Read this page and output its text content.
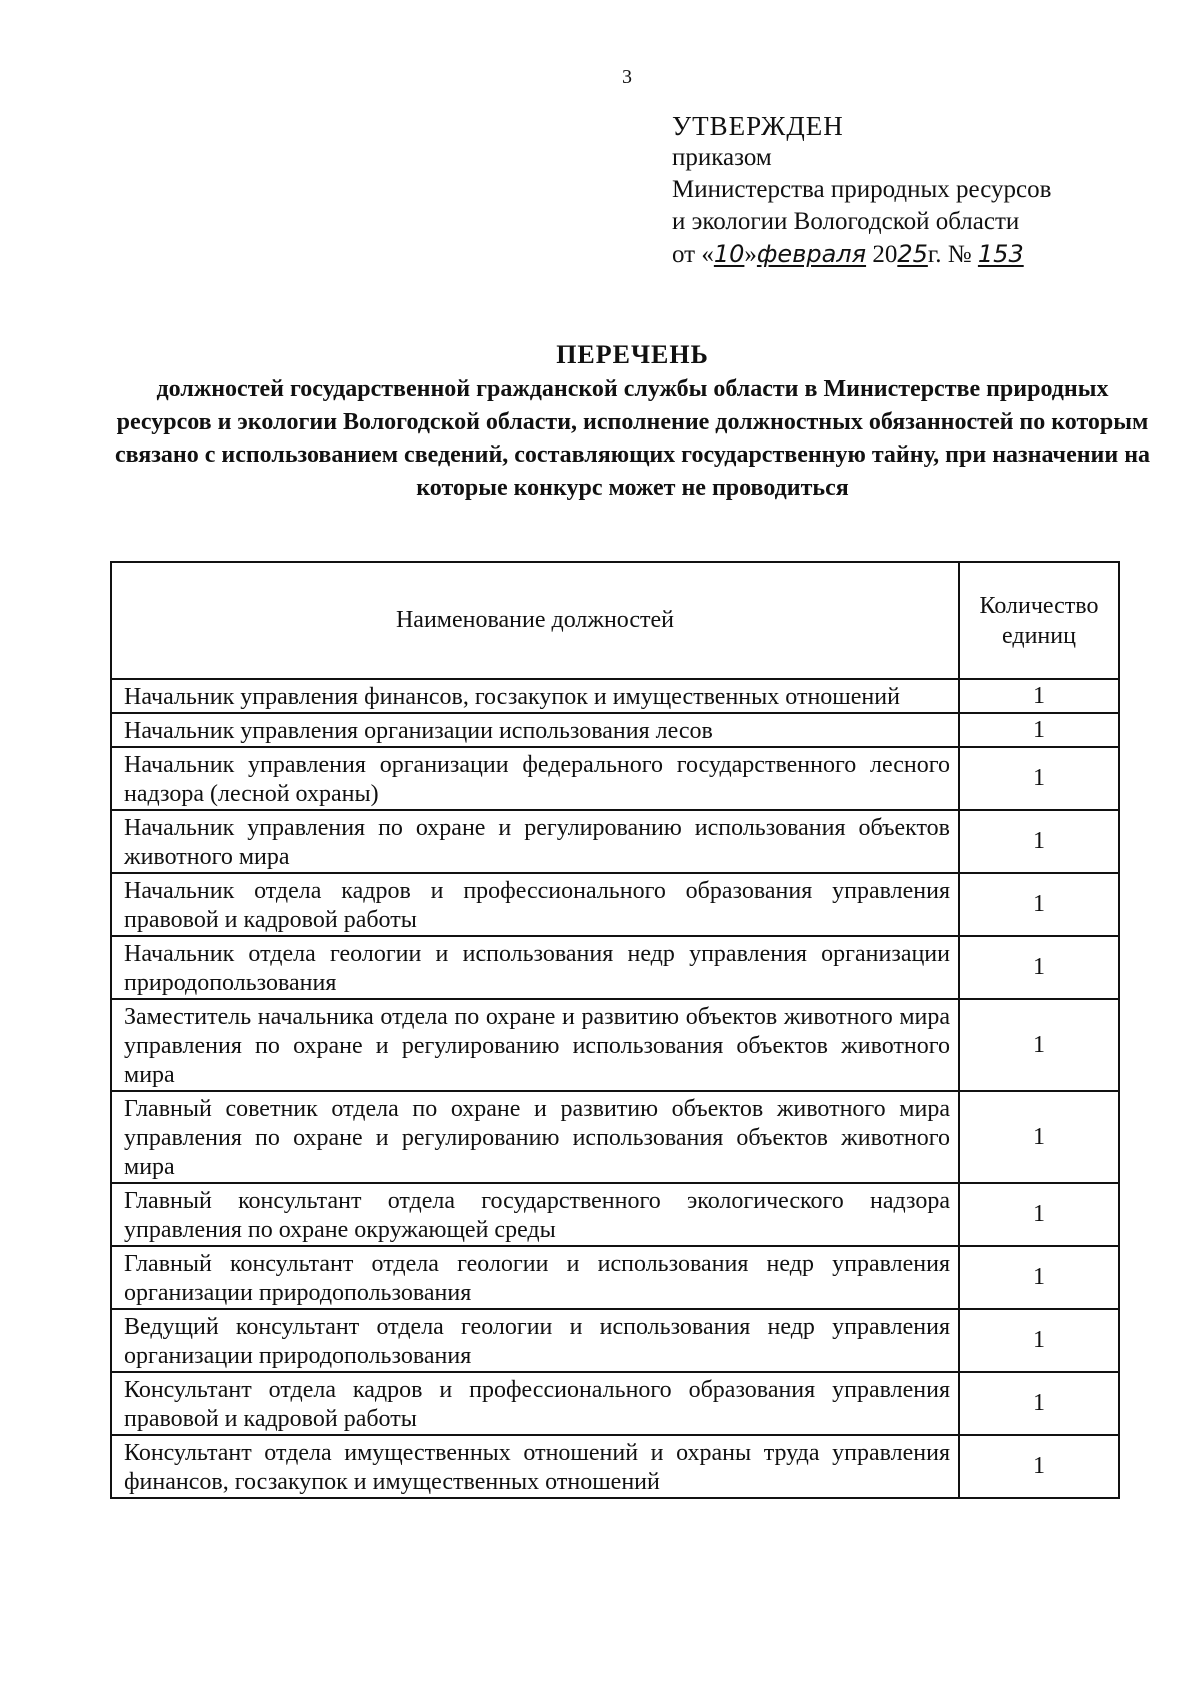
3
УТВЕРЖДЕН
приказом
Министерства природных ресурсов
и экологии Вологодской области
от «10»февраля 2025г. № 153
ПЕРЕЧЕНЬ
должностей государственной гражданской службы области в Министерстве природных ресурсов и экологии Вологодской области, исполнение должностных обязанностей по которым связано с использованием сведений, составляющих государственную тайну, при назначении на которые конкурс может не проводиться
Наименование должностей	Количество единиц
Начальник управления финансов, госзакупок и имущественных отношений	1
Начальник управления организации использования лесов	1
Начальник управления организации федерального государственного лесного надзора (лесной охраны)	1
Начальник управления по охране и регулированию использования объектов животного мира	1
Начальник отдела кадров и профессионального образования управления правовой и кадровой работы	1
Начальник отдела геологии и использования недр управления организации природопользования	1
Заместитель начальника отдела по охране и развитию объектов животного мира управления по охране и регулированию использования объектов животного мира	1
Главный советник отдела по охране и развитию объектов животного мира управления по охране и регулированию использования объектов животного мира	1
Главный консультант отдела государственного экологического надзора управления по охране окружающей среды	1
Главный консультант отдела геологии и использования недр управления организации природопользования	1
Ведущий консультант отдела геологии и использования недр управления организации природопользования	1
Консультант отдела кадров и профессионального образования управления правовой и кадровой работы	1
Консультант отдела имущественных отношений и охраны труда управления финансов, госзакупок и имущественных отношений	1
